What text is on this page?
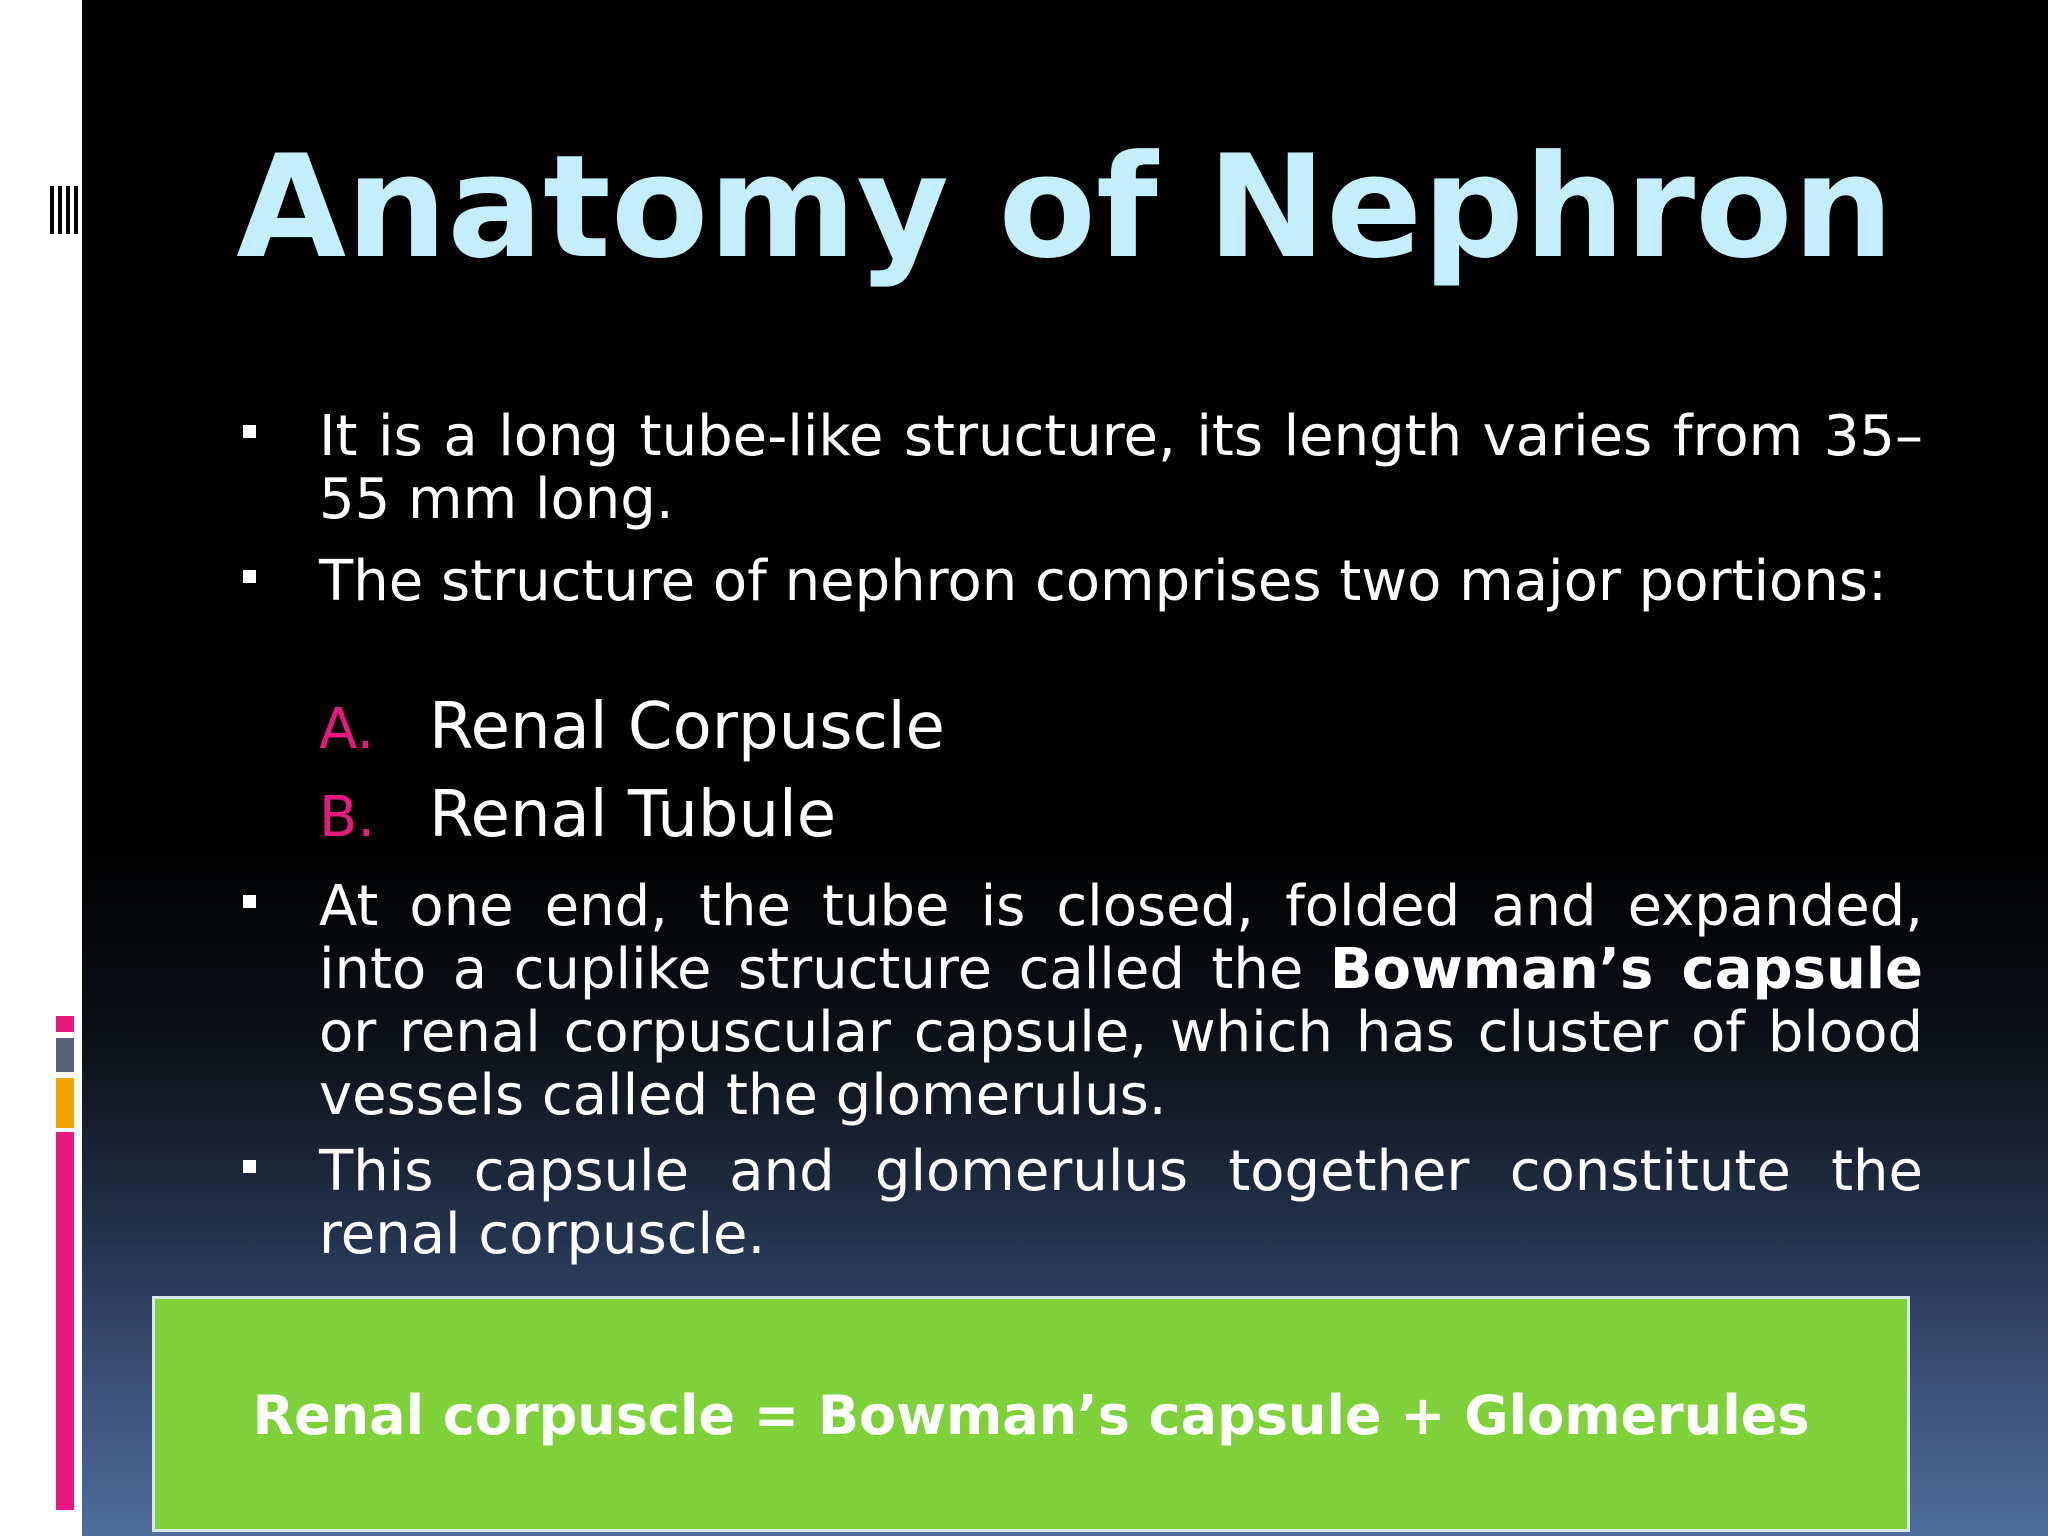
Anatomy of Nephron
It is a long tube-like structure, its length varies from 35–55 mm long.
The structure of nephron comprises two major portions:
A. Renal Corpuscle
B. Renal Tubule
At one end, the tube is closed, folded and expanded, into a cuplike structure called the Bowman’s capsule or renal corpuscular capsule, which has cluster of blood vessels called the glomerulus.
This capsule and glomerulus together constitute the renal corpuscle.
Renal corpuscle = Bowman’s capsule + Glomerules
